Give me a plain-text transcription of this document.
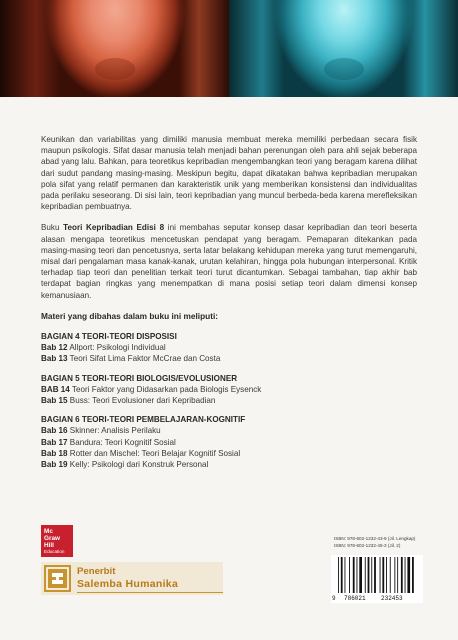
Keunikan dan variabilitas yang dimiliki manusia membuat mereka memiliki perbedaan secara fisik maupun psikologis. Sifat dasar manusia telah menjadi bahan perenungan oleh para ahli sejak beberapa abad yang lalu. Bahkan, para teoretikus kepribadian mengembangkan teori yang beragam karena dilihat dari sudut pandang masing-masing. Meskipun begitu, dapat dikatakan bahwa kepribadian merupakan pola sifat yang relatif permanen dan karakteristik unik yang memberikan konsistensi dan individualitas pada perilaku seseorang. Di sisi lain, teori kepribadian yang muncul berbeda-beda karena merefleksikan kepribadian pembuatnya.

Buku Teori Kepribadian Edisi 8 ini membahas seputar konsep dasar kepribadian dan teori beserta alasan mengapa teoretikus mencetuskan pendapat yang beragam. Pemaparan ditekankan pada masing-masing teori dan pencetusnya, serta latar belakang kehidupan mereka yang turut memengaruhi, misal dari pengalaman masa kanak-kanak, urutan kelahiran, hingga pola hubungan interpersonal. Kritik terhadap tiap teori dan penelitian terkait teori turut dicantumkan. Sebagai tambahan, tiap akhir bab terdapat bagian ringkas yang menempatkan di mana posisi setiap teori dalam dimensi konsep kemanusiaan.

Materi yang dibahas dalam buku ini meliputi:

BAGIAN 4 TEORI-TEORI DISPOSISI

Bab 12 Allport: Psikologi Individual

Bab 13 Teori Sifat Lima Faktor McCrae dan Costa

BAGIAN 5 TEORI-TEORI BIOLOGIS/EVOLUSIONER

BAB 14 Teori Faktor yang Didasarkan pada Biologis Eysenck

Bab 15 Buss: Teori Evolusioner dari Kepribadian

BAGIAN 6 TEORI-TEORI PEMBELAJARAN-KOGNITIF

Bab 16 Skinner: Analisis Perilaku

Bab 17 Bandura: Teori Kognitif Sosial

Bab 18 Rotter dan Mischel: Teori Belajar Kognitif Sosial

Bab 19 Kelly: Psikologi dari Konstruk Personal

Mc
Graw
Hill
Education
Penerbit
Salemba Humanika
ISBN: 978-602-1232-43-9 (Jil. Lengkap)
ISBN: 978-602-1232-45-3 (Jil. 2)
9 786021	232453
